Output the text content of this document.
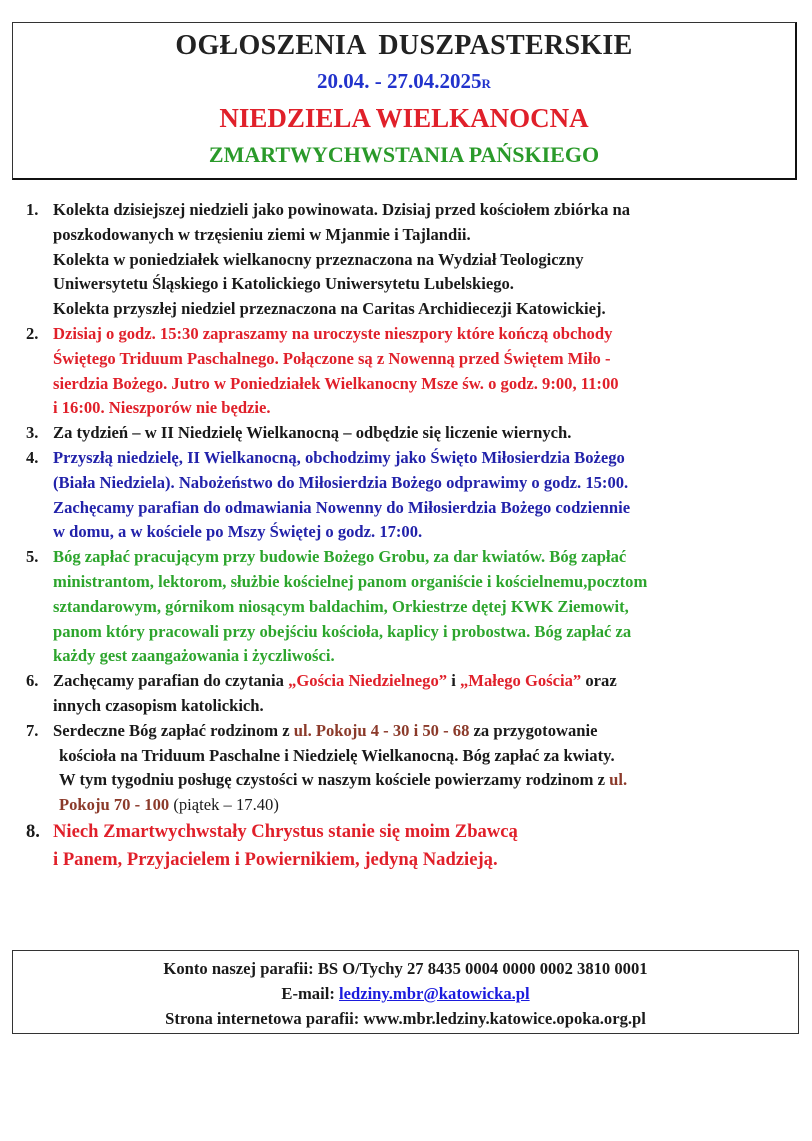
OGŁOSZENIA DUSZPASTERSKIE
20.04. - 27.04.2025R
NIEDZIELA WIELKANOCNA
ZMARTWYCHWSTANIA PAŃSKIEGO
1. Kolekta dzisiejszej niedzieli jako powinowata. Dzisiaj przed kościołem zbiórka na

poszkodowanych w trzęsieniu ziemi w Mjanmie i Tajlandii.

Kolekta w poniedziałek wielkanocny przeznaczona na Wydział Teologiczny

Uniwersytetu Śląskiego i Katolickiego Uniwersytetu Lubelskiego.

Kolekta przyszłej niedziel przeznaczona na Caritas Archidiecezji Katowickiej.

2. Dzisiaj o godz. 15:30 zapraszamy na uroczyste nieszpory które kończą obchody

Świętego Triduum Paschalnego. Połączone są z Nowenną przed Świętem Miło -

sierdzia Bożego. Jutro w Poniedziałek Wielkanocny Msze św. o godz. 9:00, 11:00

i 16:00. Nieszporów nie będzie.

3. Za tydzień – w II Niedzielę Wielkanocną – odbędzie się liczenie wiernych.

4. Przyszłą niedzielę, II Wielkanocną, obchodzimy jako Święto Miłosierdzia Bożego

(Biała Niedziela). Nabożeństwo do Miłosierdzia Bożego odprawimy o godz. 15:00.

Zachęcamy parafian do odmawiania Nowenny do Miłosierdzia Bożego codziennie

w domu, a w kościele po Mszy Świętej o godz. 17:00.

5. Bóg zapłać pracującym przy budowie Bożego Grobu, za dar kwiatów. Bóg zapłać

ministrantom, lektorom, służbie kościelnej panom organiście i kościelnemu,pocztom

sztandarowym, górnikom niosącym baldachim, Orkiestrze dętej KWK Ziemowit,

panom który pracowali przy obejściu kościoła, kaplicy i probostwa. Bóg zapłać za

każdy gest zaangażowania i życzliwości.

6. Zachęcamy parafian do czytania „Gościa Niedzielnego” i „Małego Gościa” oraz

innych czasopism katolickich.

7. Serdeczne Bóg zapłać rodzinom z ul. Pokoju 4 - 30 i 50 - 68 za przygotowanie

kościoła na Triduum Paschalne i Niedzielę Wielkanocną. Bóg zapłać za kwiaty.

W tym tygodniu posługę czystości w naszym kościele powierzamy rodzinom z ul.

Pokoju 70 - 100 (piątek – 17.40)

8. Niech Zmartwychwstały Chrystus stanie się moim Zbawcą

i Panem, Przyjacielem i Powiernikiem, jedyną Nadzieją.

Konto naszej parafii: BS O/Tychy 27 8435 0004 0000 0002 3810 0001
E-mail: ledziny.mbr@katowicka.pl
Strona internetowa parafii: www.mbr.ledziny.katowice.opoka.org.pl
